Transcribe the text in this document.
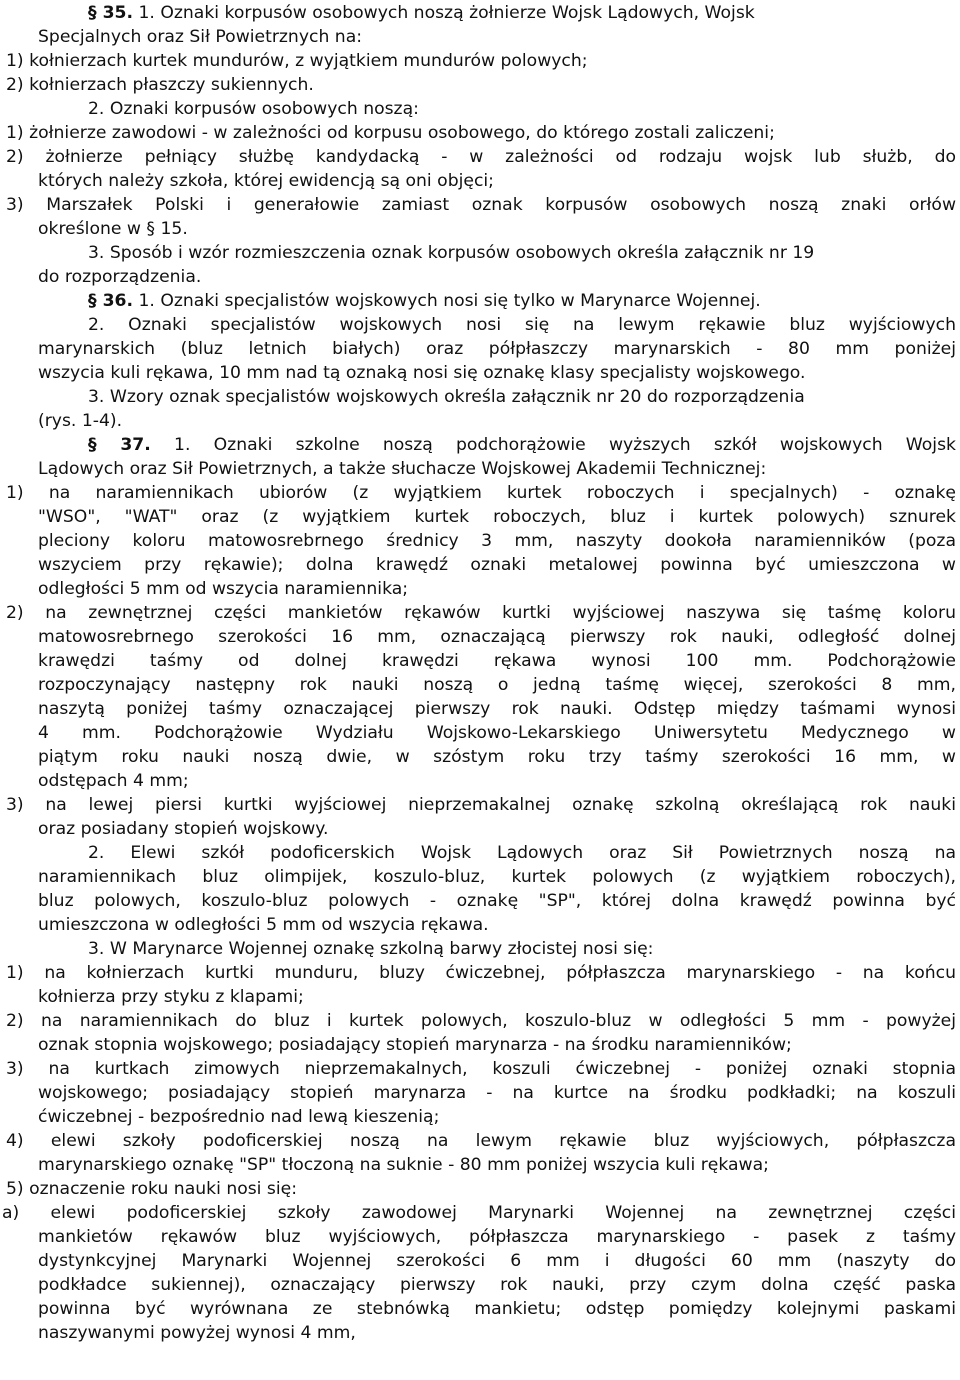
§ 35. 1. Oznaki korpusów osobowych noszą żołnierze Wojsk Lądowych, Wojsk
Specjalnych oraz Sił Powietrznych na:
1) kołnierzach kurtek mundurów, z wyjątkiem mundurów polowych;
2) kołnierzach płaszczy sukiennych.
2. Oznaki korpusów osobowych noszą:
1) żołnierze zawodowi - w zależności od korpusu osobowego, do którego zostali zaliczeni;
2) żołnierze pełniący służbę kandydacką - w zależności od rodzaju wojsk lub służb, do
których należy szkoła, której ewidencją są oni objęci;
3) Marszałek Polski i generałowie zamiast oznak korpusów osobowych noszą znaki orłów
określone w § 15.
3. Sposób i wzór rozmieszczenia oznak korpusów osobowych określa załącznik nr 19
do rozporządzenia.
§ 36. 1. Oznaki specjalistów wojskowych nosi się tylko w Marynarce Wojennej.
2. Oznaki specjalistów wojskowych nosi się na lewym rękawie bluz wyjściowych
marynarskich (bluz letnich białych) oraz półpłaszczy marynarskich - 80 mm poniżej
wszycia kuli rękawa, 10 mm nad tą oznaką nosi się oznakę klasy specjalisty wojskowego.
3. Wzory oznak specjalistów wojskowych określa załącznik nr 20 do rozporządzenia
(rys. 1-4).
§ 37. 1. Oznaki szkolne noszą podchorążowie wyższych szkół wojskowych Wojsk
Lądowych oraz Sił Powietrznych, a także słuchacze Wojskowej Akademii Technicznej:
1) na naramiennikach ubiorów (z wyjątkiem kurtek roboczych i specjalnych) - oznakę
"WSO", "WAT" oraz (z wyjątkiem kurtek roboczych, bluz i kurtek polowych) sznurek
pleciony koloru matowosrebrnego średnicy 3 mm, naszyty dookoła naramienników (poza
wszyciem przy rękawie); dolna krawędź oznaki metalowej powinna być umieszczona w
odległości 5 mm od wszycia naramiennika;
2) na zewnętrznej części mankietów rękawów kurtki wyjściowej naszywa się taśmę koloru
matowosrebrnego szerokości 16 mm, oznaczającą pierwszy rok nauki, odległość dolnej
krawędzi taśmy od dolnej krawędzi rękawa wynosi 100 mm. Podchorążowie
rozpoczynający następny rok nauki noszą o jedną taśmę więcej, szerokości 8 mm,
naszytą poniżej taśmy oznaczającej pierwszy rok nauki. Odstęp między taśmami wynosi
4 mm. Podchorążowie Wydziału Wojskowo-Lekarskiego Uniwersytetu Medycznego w
piątym roku nauki noszą dwie, w szóstym roku trzy taśmy szerokości 16 mm, w
odstępach 4 mm;
3) na lewej piersi kurtki wyjściowej nieprzemakalnej oznakę szkolną określającą rok nauki
oraz posiadany stopień wojskowy.
2. Elewi szkół podoficerskich Wojsk Lądowych oraz Sił Powietrznych noszą na
naramiennikach bluz olimpijek, koszulo-bluz, kurtek polowych (z wyjątkiem roboczych),
bluz polowych, koszulo-bluz polowych - oznakę "SP", której dolna krawędź powinna być
umieszczona w odległości 5 mm od wszycia rękawa.
3. W Marynarce Wojennej oznakę szkolną barwy złocistej nosi się:
1) na kołnierzach kurtki munduru, bluzy ćwiczebnej, półpłaszcza marynarskiego - na końcu
kołnierza przy styku z klapami;
2) na naramiennikach do bluz i kurtek polowych, koszulo-bluz w odległości 5 mm - powyżej
oznak stopnia wojskowego; posiadający stopień marynarza - na środku naramienników;
3) na kurtkach zimowych nieprzemakalnych, koszuli ćwiczebnej - poniżej oznaki stopnia
wojskowego; posiadający stopień marynarza - na kurtce na środku podkładki; na koszuli
ćwiczebnej - bezpośrednio nad lewą kieszenią;
4) elewi szkoły podoficerskiej noszą na lewym rękawie bluz wyjściowych, półpłaszcza
marynarskiego oznakę "SP" tłoczoną na suknie - 80 mm poniżej wszycia kuli rękawa;
5) oznaczenie roku nauki nosi się:
a) elewi podoficerskiej szkoły zawodowej Marynarki Wojennej na zewnętrznej części
mankietów rękawów bluz wyjściowych, półpłaszcza marynarskiego - pasek z taśmy
dystynkcyjnej Marynarki Wojennej szerokości 6 mm i długości 60 mm (naszyty do
podkładce sukiennej), oznaczający pierwszy rok nauki, przy czym dolna część paska
powinna być wyrównana ze stebnówką mankietu; odstęp pomiędzy kolejnymi paskami
naszywanymi powyżej wynosi 4 mm,
